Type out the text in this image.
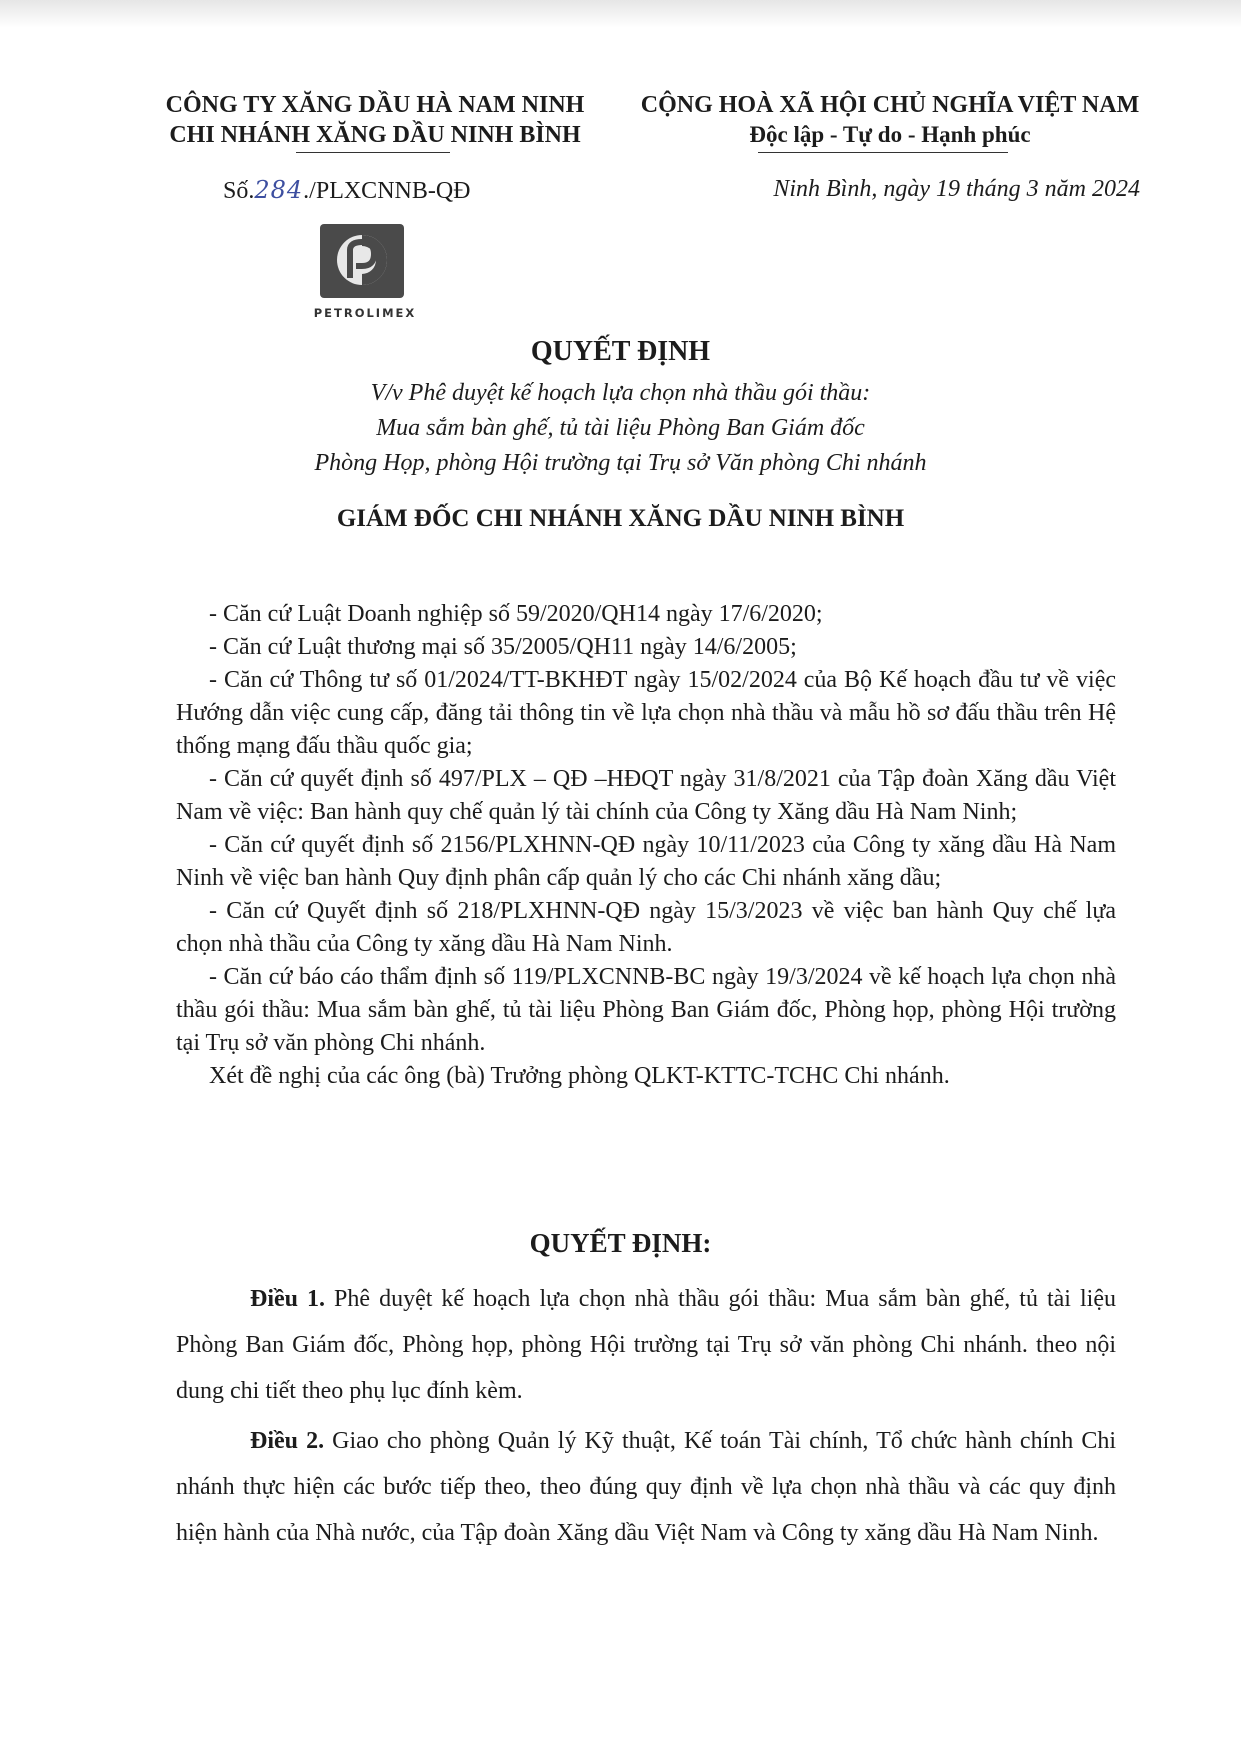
CÔNG TY XĂNG DẦU HÀ NAM NINH
CHI NHÁNH XĂNG DẦU NINH BÌNH
CỘNG HOÀ XÃ HỘI CHỦ NGHĨA VIỆT NAM
Độc lập - Tự do - Hạnh phúc
Số.284./PLXCNNB-QĐ	Ninh Bình, ngày 19 tháng 3 năm 2024
PETROLIMEX
QUYẾT ĐỊNH
V/v Phê duyệt kế hoạch lựa chọn nhà thầu gói thầu:
Mua sắm bàn ghế, tủ tài liệu Phòng Ban Giám đốc
Phòng Họp, phòng Hội trường tại Trụ sở Văn phòng Chi nhánh
GIÁM ĐỐC CHI NHÁNH XĂNG DẦU NINH BÌNH

- Căn cứ Luật Doanh nghiệp số 59/2020/QH14 ngày 17/6/2020;

- Căn cứ Luật thương mại số 35/2005/QH11 ngày 14/6/2005;

- Căn cứ Thông tư số 01/2024/TT-BKHĐT ngày 15/02/2024 của Bộ Kế hoạch đầu tư về việc Hướng dẫn việc cung cấp, đăng tải thông tin về lựa chọn nhà thầu và mẫu hồ sơ đấu thầu trên Hệ thống mạng đấu thầu quốc gia;

- Căn cứ quyết định số 497/PLX – QĐ –HĐQT ngày 31/8/2021 của Tập đoàn Xăng dầu Việt Nam về việc: Ban hành quy chế quản lý tài chính của Công ty Xăng dầu Hà Nam Ninh;

- Căn cứ quyết định số 2156/PLXHNN-QĐ ngày 10/11/2023 của Công ty xăng dầu Hà Nam Ninh về việc ban hành Quy định phân cấp quản lý cho các Chi nhánh xăng dầu;

- Căn cứ Quyết định số 218/PLXHNN-QĐ ngày 15/3/2023 về việc ban hành Quy chế lựa chọn nhà thầu của Công ty xăng dầu Hà Nam Ninh.

- Căn cứ báo cáo thẩm định số 119/PLXCNNB-BC ngày 19/3/2024 về kế hoạch lựa chọn nhà thầu gói thầu: Mua sắm bàn ghế, tủ tài liệu Phòng Ban Giám đốc, Phòng họp, phòng Hội trường tại Trụ sở văn phòng Chi nhánh.

Xét đề nghị của các ông (bà) Trưởng phòng QLKT-KTTC-TCHC Chi nhánh.

QUYẾT ĐỊNH:

Điều 1. Phê duyệt kế hoạch lựa chọn nhà thầu gói thầu: Mua sắm bàn ghế, tủ tài liệu Phòng Ban Giám đốc, Phòng họp, phòng Hội trường tại Trụ sở văn phòng Chi nhánh. theo nội dung chi tiết theo phụ lục đính kèm.

Điều 2. Giao cho phòng Quản lý Kỹ thuật, Kế toán Tài chính, Tổ chức hành chính Chi nhánh thực hiện các bước tiếp theo, theo đúng quy định về lựa chọn nhà thầu và các quy định hiện hành của Nhà nước, của Tập đoàn Xăng dầu Việt Nam và Công ty xăng dầu Hà Nam Ninh.
